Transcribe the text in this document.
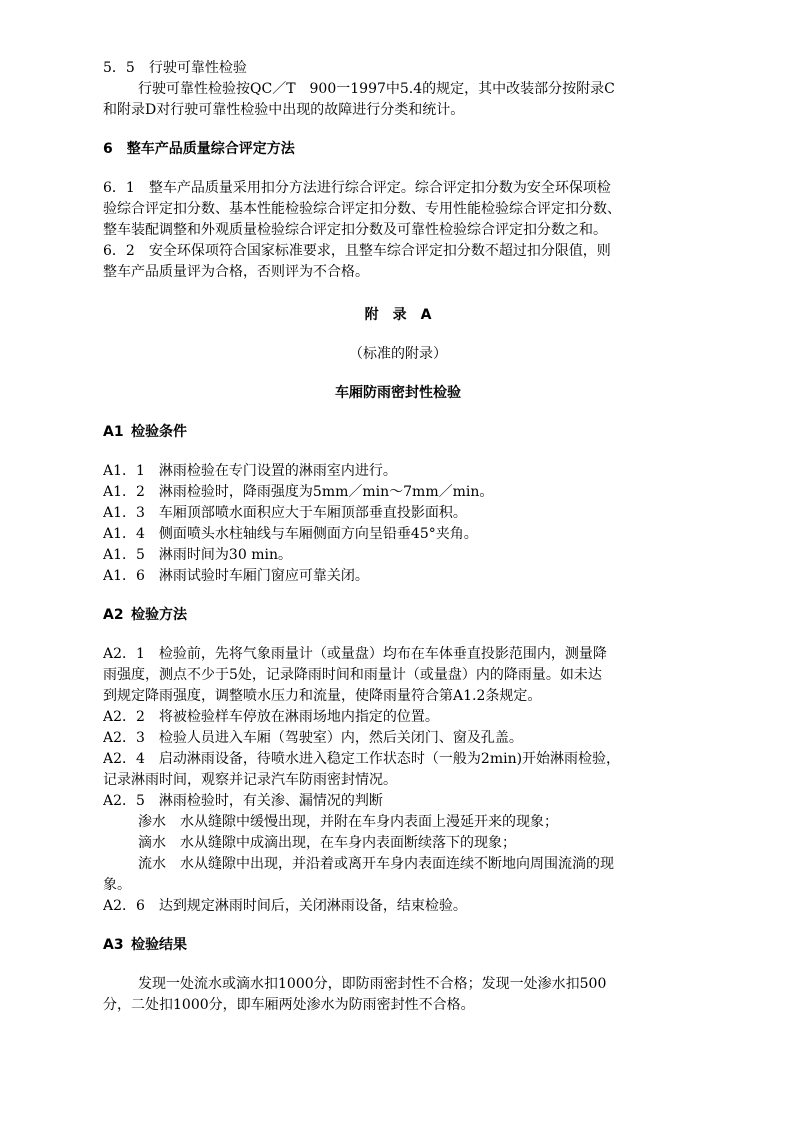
5．5　行驶可靠性检验
行驶可靠性检验按QC／T　900一1997中5.4的规定，其中改装部分按附录C
和附录D对行驶可靠性检验中出现的故障进行分类和统计。
6　整车产品质量综合评定方法
6．1　整车产品质量采用扣分方法进行综合评定。综合评定扣分数为安全环保项检
验综合评定扣分数、基本性能检验综合评定扣分数、专用性能检验综合评定扣分数、
整车装配调整和外观质量检验综合评定扣分数及可靠性检验综合评定扣分数之和。
6．2　安全环保项符合国家标准要求，且整车综合评定扣分数不超过扣分限值，则
整车产品质量评为合格，否则评为不合格。
附　录　A
（标准的附录）
车厢防雨密封性检验
A1 检验条件
A1．1　淋雨检验在专门设置的淋雨室内进行。
A1．2　淋雨检验时，降雨强度为5mm／min～7mm／min。
A1．3　车厢顶部喷水面积应大于车厢顶部垂直投影面积。
A1．4　侧面喷头水柱轴线与车厢侧面方向呈铅垂45°夹角。
A1．5　淋雨时间为30 min。
A1．6　淋雨试验时车厢门窗应可靠关闭。
A2 检验方法
A2．1　检验前，先将气象雨量计（或量盘）均布在车体垂直投影范围内，测量降
雨强度，测点不少于5处，记录降雨时间和雨量计（或量盘）内的降雨量。如未达
到规定降雨强度，调整喷水压力和流量，使降雨量符合第A1.2条规定。
A2．2　将被检验样车停放在淋雨场地内指定的位置。
A2．3　检验人员进入车厢（驾驶室）内，然后关闭门、窗及孔盖。
A2．4　启动淋雨设备，待喷水进入稳定工作状态时（一般为2min)开始淋雨检验，
记录淋雨时间，观察并记录汽车防雨密封情况。
A2．5　淋雨检验时，有关渗、漏情况的判断
渗水　水从缝隙中缓慢出现，并附在车身内表面上漫延开来的现象；
滴水　水从缝隙中成滴出现，在车身内表面断续落下的现象；
流水　水从缝隙中出现，并沿着或离开车身内表面连续不断地向周围流淌的现
象。
A2．6　达到规定淋雨时间后，关闭淋雨设备，结束检验。
A3 检验结果
发现一处流水或滴水扣1000分，即防雨密封性不合格；发现一处渗水扣500
分，二处扣1000分，即车厢两处渗水为防雨密封性不合格。
